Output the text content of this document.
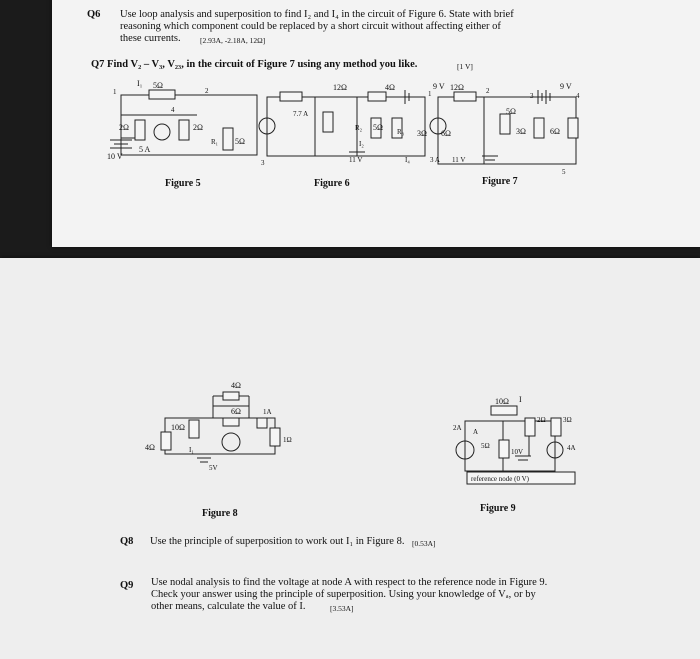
Q6 Use loop analysis and superposition to find I₂ and I₄ in the circuit of Figure 6. State with brief
reasoning which component could be replaced by a short circuit without affecting either of
these currents.	[2.93A, -2.18A, 12Ω]
Q7 Find V₂ – V₃, V₂₃, in the circuit of Figure 7 using any method you like.	[1 V]
I₁ 5Ω
2
1
4
2Ω	2Ω
5 A
R₁ 5Ω
10 V
3
Figure 5
12Ω	4Ω	9 V
7.7 A
R₂ 5Ω R₃ 3Ω 6Ω
I₂
11 V	I₄
Figure 6
12Ω	9 V
2
3	4
1
5Ω
3Ω	6Ω
3 A 11 V
5
Figure 7
4Ω
6Ω	1A
10Ω
4Ω	I₁
5V
1Ω
Figure 8
10Ω I
2Ω 3Ω
2A A
5Ω
10V	4A
reference node (0 V)
Figure 9
Q8 Use the principle of superposition to work out I₁ in Figure 8. [0.53A]
Q9 Use nodal analysis to find the voltage at node A with respect to the reference node in Figure 9.
Check your answer using the principle of superposition. Using your knowledge of Vₐ, or by
other means, calculate the value of I.	[3.53A]
